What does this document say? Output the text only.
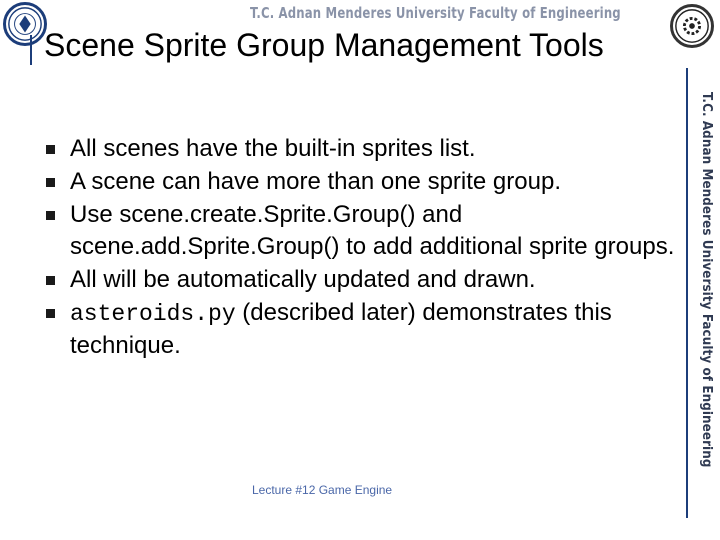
T.C. Adnan Menderes University Faculty of Engineering
T.C. Adnan Menderes University Faculty of Engineering
Scene Sprite Group Management Tools
All scenes have the built-in sprites list.
A scene can have more than one sprite group.
Use scene.create.Sprite.Group() and scene.add.Sprite.Group() to add additional sprite groups.
All will be automatically updated and drawn.
asteroids.py (described later) demonstrates this technique.
Lecture #12 Game Engine
